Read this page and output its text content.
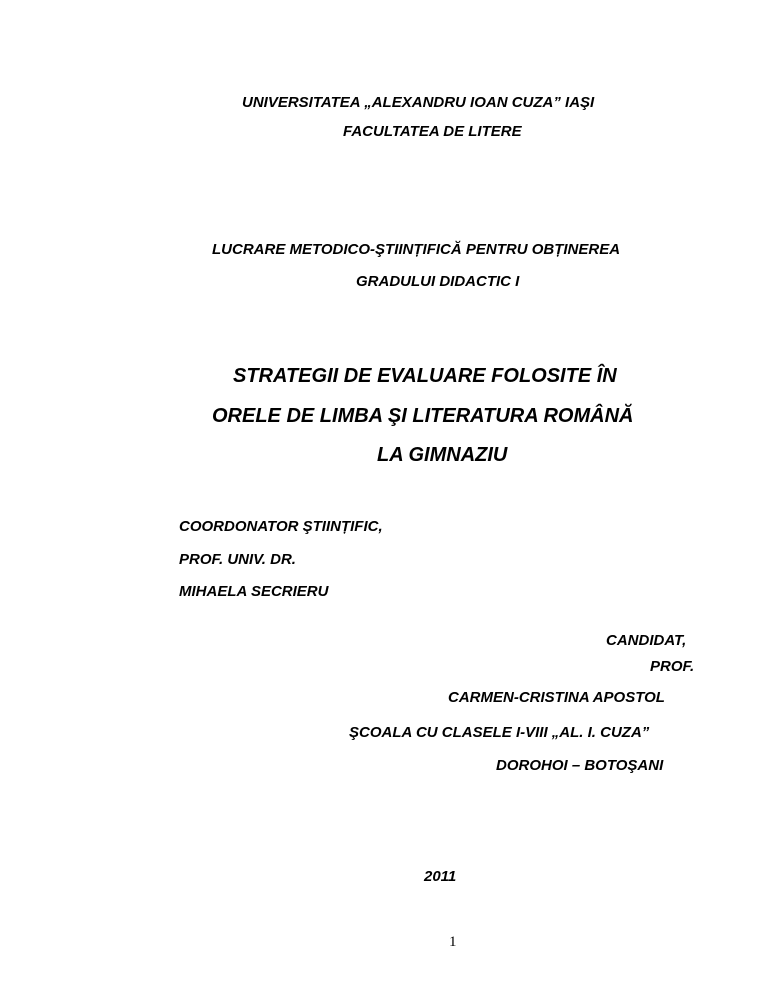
UNIVERSITATEA „ALEXANDRU IOAN CUZA” IAŞI
FACULTATEA DE LITERE
LUCRARE METODICO-ŞTIINȚIFICĂ PENTRU OBȚINEREA
GRADULUI DIDACTIC I
STRATEGII DE EVALUARE FOLOSITE ÎN
ORELE DE LIMBA ŞI LITERATURA ROMÂNĂ
LA GIMNAZIU
COORDONATOR ŞTIINȚIFIC,
PROF. UNIV. DR.
MIHAELA SECRIERU
CANDIDAT,
PROF.
CARMEN-CRISTINA APOSTOL
ŞCOALA CU CLASELE I-VIII „AL. I. CUZA”
DOROHOI – BOTOŞANI
2011
1
